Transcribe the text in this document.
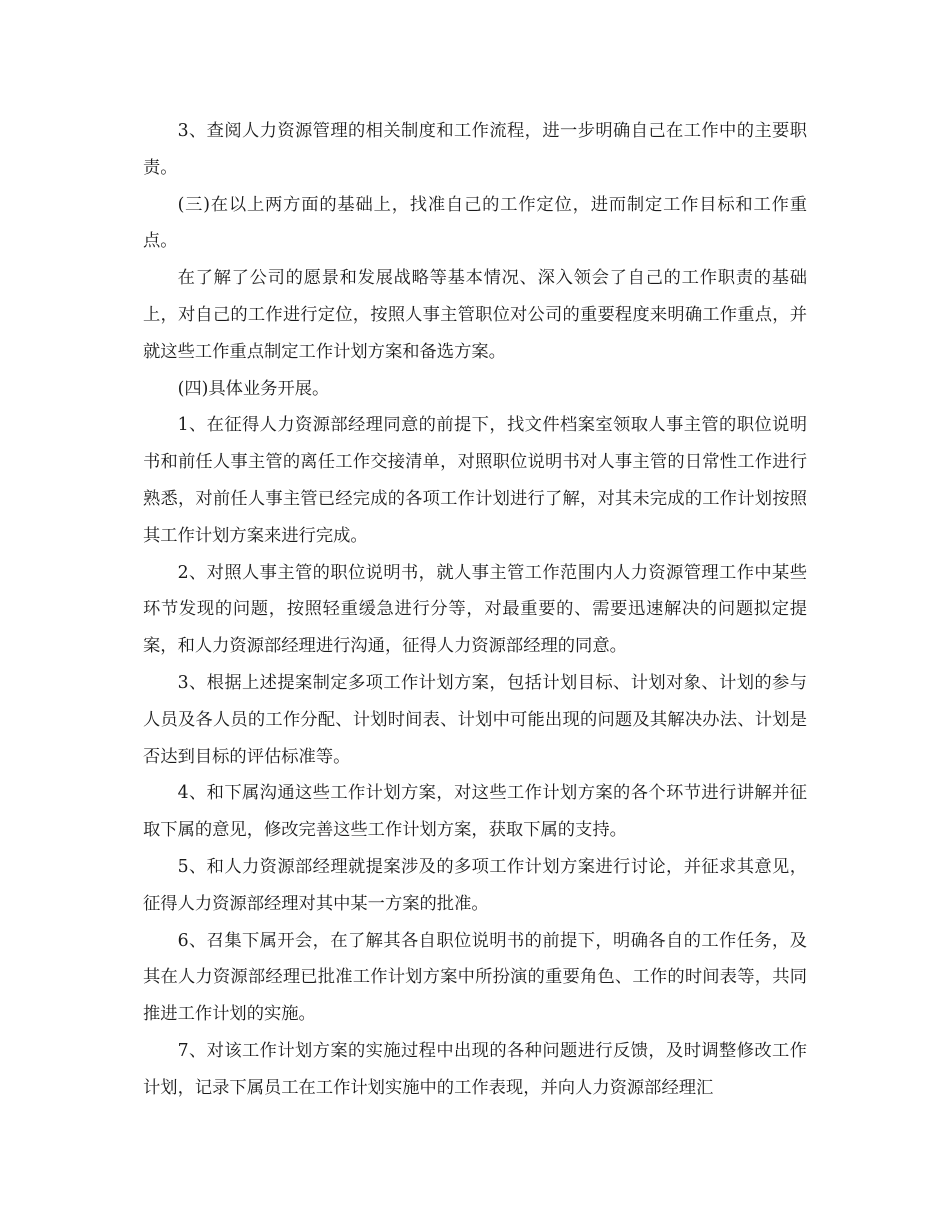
3、查阅人力资源管理的相关制度和工作流程，进一步明确自己在工作中的主要职责。

(三)在以上两方面的基础上，找准自己的工作定位，进而制定工作目标和工作重点。

在了解了公司的愿景和发展战略等基本情况、深入领会了自己的工作职责的基础上，对自己的工作进行定位，按照人事主管职位对公司的重要程度来明确工作重点，并就这些工作重点制定工作计划方案和备选方案。

(四)具体业务开展。

1、在征得人力资源部经理同意的前提下，找文件档案室领取人事主管的职位说明书和前任人事主管的离任工作交接清单，对照职位说明书对人事主管的日常性工作进行熟悉，对前任人事主管已经完成的各项工作计划进行了解，对其未完成的工作计划按照其工作计划方案来进行完成。

2、对照人事主管的职位说明书，就人事主管工作范围内人力资源管理工作中某些环节发现的问题，按照轻重缓急进行分等，对最重要的、需要迅速解决的问题拟定提案，和人力资源部经理进行沟通，征得人力资源部经理的同意。

3、根据上述提案制定多项工作计划方案，包括计划目标、计划对象、计划的参与人员及各人员的工作分配、计划时间表、计划中可能出现的问题及其解决办法、计划是否达到目标的评估标准等。

4、和下属沟通这些工作计划方案，对这些工作计划方案的各个环节进行讲解并征取下属的意见，修改完善这些工作计划方案，获取下属的支持。

5、和人力资源部经理就提案涉及的多项工作计划方案进行讨论，并征求其意见，征得人力资源部经理对其中某一方案的批准。

6、召集下属开会，在了解其各自职位说明书的前提下，明确各自的工作任务，及其在人力资源部经理已批准工作计划方案中所扮演的重要角色、工作的时间表等，共同推进工作计划的实施。

7、对该工作计划方案的实施过程中出现的各种问题进行反馈，及时调整修改工作计划，记录下属员工在工作计划实施中的工作表现，并向人力资源部经理汇
